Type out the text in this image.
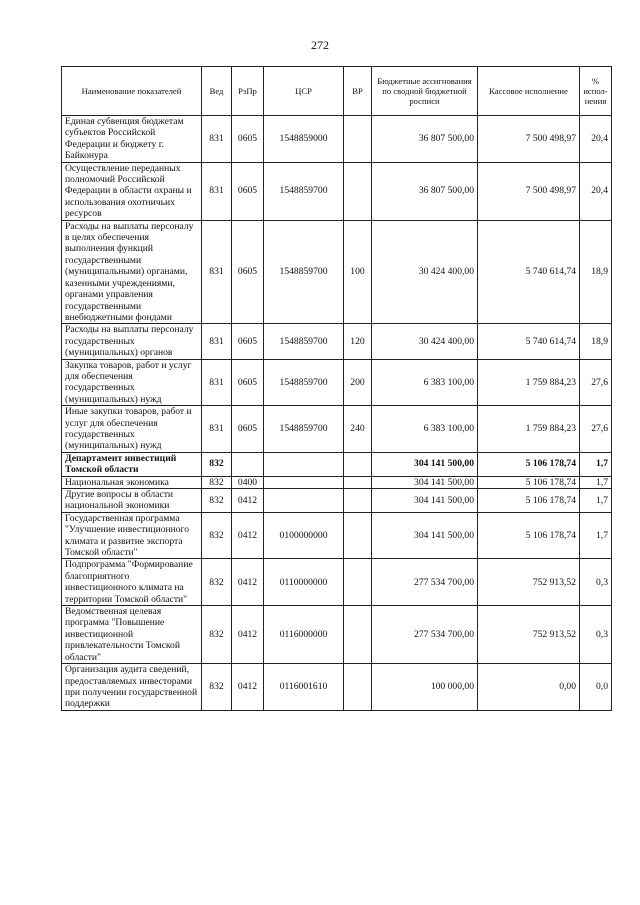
272
Наименование показателей	Вед	РзПр	ЦСР	ВР	Бюджетные ассигнования по сводной бюджетной росписи	Кассовое исполнение	% испол- нения
Единая субвенция бюджетам субъектов Российской Федерации и бюджету г. Байконура	831	0605	1548859000		36 807 500,00	7 500 498,97	20,4
Осуществление переданных полномочий Российской Федерации в области охраны и использования охотничьих ресурсов	831	0605	1548859700		36 807 500,00	7 500 498,97	20,4
Расходы на выплаты персоналу в целях обеспечения выполнения функций государственными (муниципальными) органами, казенными учреждениями, органами управления государственными внебюджетными фондами	831	0605	1548859700	100	30 424 400,00	5 740 614,74	18,9
Расходы на выплаты персоналу государственных (муниципальных) органов	831	0605	1548859700	120	30 424 400,00	5 740 614,74	18,9
Закупка товаров, работ и услуг для обеспечения государственных (муниципальных) нужд	831	0605	1548859700	200	6 383 100,00	1 759 884,23	27,6
Иные закупки товаров, работ и услуг для обеспечения государственных (муниципальных) нужд	831	0605	1548859700	240	6 383 100,00	1 759 884,23	27,6
Департамент инвестиций Томской области	832				304 141 500,00	5 106 178,74	1,7
Национальная экономика	832	0400			304 141 500,00	5 106 178,74	1,7
Другие вопросы в области национальной экономики	832	0412			304 141 500,00	5 106 178,74	1,7
Государственная программа "Улучшение инвестиционного климата и развитие экспорта Томской области"	832	0412	0100000000		304 141 500,00	5 106 178,74	1,7
Подпрограмма "Формирование благоприятного инвестиционного климата на территории Томской области"	832	0412	0110000000		277 534 700,00	752 913,52	0,3
Ведомственная целевая программа "Повышение инвестиционной привлекательности Томской области"	832	0412	0116000000		277 534 700,00	752 913,52	0,3
Организация аудита сведений, предоставляемых инвесторами при получении государственной поддержки	832	0412	0116001610		100 000,00	0,00	0,0
